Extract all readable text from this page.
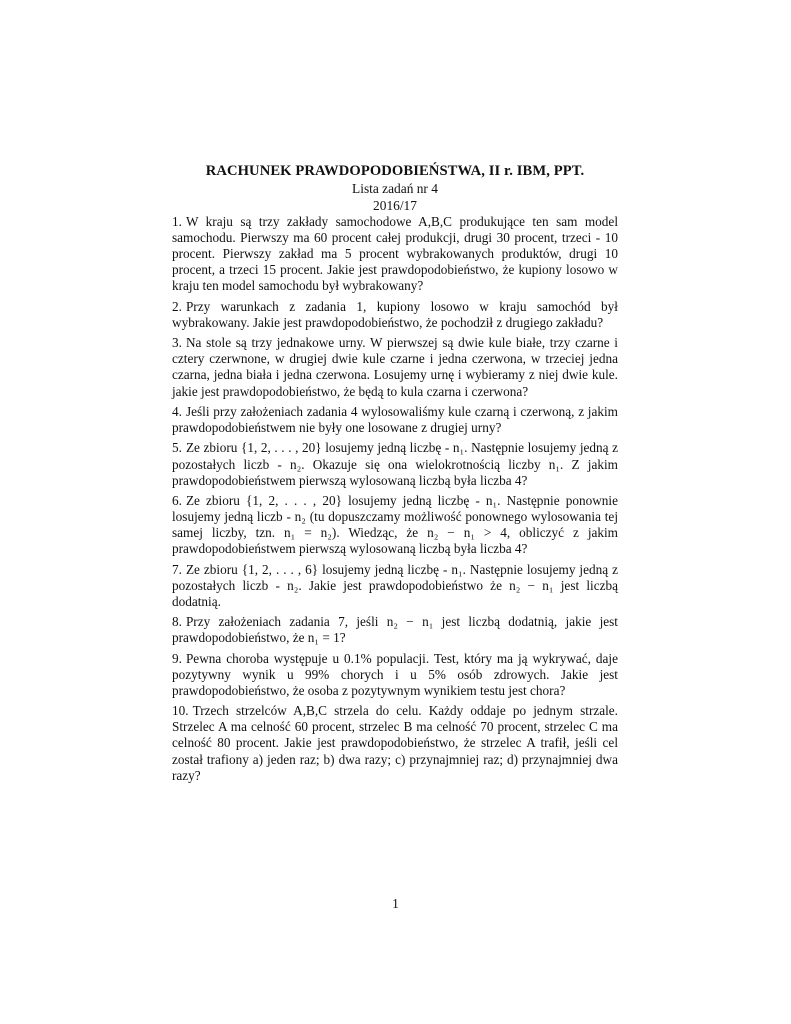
RACHUNEK PRAWDOPODOBIEŃSTWA, II r. IBM, PPT.
Lista zadań nr 4
2016/17

1. W kraju są trzy zakłady samochodowe A,B,C produkujące ten sam model samochodu. Pierwszy ma 60 procent całej produkcji, drugi 30 procent, trzeci - 10 procent. Pierwszy zakład ma 5 procent wybrakowanych produktów, drugi 10 procent, a trzeci 15 procent. Jakie jest prawdopodobieństwo, że kupiony losowo w kraju ten model samochodu był wybrakowany?

2. Przy warunkach z zadania 1, kupiony losowo w kraju samochód był wybrakowany. Jakie jest prawdopodobieństwo, że pochodził z drugiego zakładu?

3. Na stole są trzy jednakowe urny. W pierwszej są dwie kule białe, trzy czarne i cztery czerwnone, w drugiej dwie kule czarne i jedna czerwona, w trzeciej jedna czarna, jedna biała i jedna czerwona. Losujemy urnę i wybieramy z niej dwie kule. jakie jest prawdopodobieństwo, że będą to kula czarna i czerwona?

4. Jeśli przy założeniach zadania 4 wylosowaliśmy kule czarną i czerwoną, z jakim prawdopodobieństwem nie były one losowane z drugiej urny?

5. Ze zbioru {1, 2, . . . , 20} losujemy jedną liczbę - n₁. Następnie losujemy jedną z pozostałych liczb - n₂. Okazuje się ona wielokrotnością liczby n₁. Z jakim prawdopodobieństwem pierwszą wylosowaną liczbą była liczba 4?

6. Ze zbioru {1, 2, . . . , 20} losujemy jedną liczbę - n₁. Następnie ponownie losujemy jedną liczb - n₂ (tu dopuszczamy możliwość ponownego wylosowania tej samej liczby, tzn. n₁ = n₂). Wiedząc, że n₂ − n₁ > 4, obliczyć z jakim prawdopodobieństwem pierwszą wylosowaną liczbą była liczba 4?

7. Ze zbioru {1, 2, . . . , 6} losujemy jedną liczbę - n₁. Następnie losujemy jedną z pozostałych liczb - n₂. Jakie jest prawdopodobieństwo że n₂ − n₁ jest liczbą dodatnią.

8. Przy założeniach zadania 7, jeśli n₂ − n₁ jest liczbą dodatnią, jakie jest prawdopodobieństwo, że n₁ = 1?

9. Pewna choroba występuje u 0.1% populacji. Test, który ma ją wykrywać, daje pozytywny wynik u 99% chorych i u 5% osób zdrowych. Jakie jest prawdopodobieństwo, że osoba z pozytywnym wynikiem testu jest chora?

10. Trzech strzelców A,B,C strzela do celu. Każdy oddaje po jednym strzale. Strzelec A ma celność 60 procent, strzelec B ma celność 70 procent, strzelec C ma celność 80 procent. Jakie jest prawdopodobieństwo, że strzelec A trafił, jeśli cel został trafiony a) jeden raz; b) dwa razy; c) przynajmniej raz; d) przynajmniej dwa razy?

1
